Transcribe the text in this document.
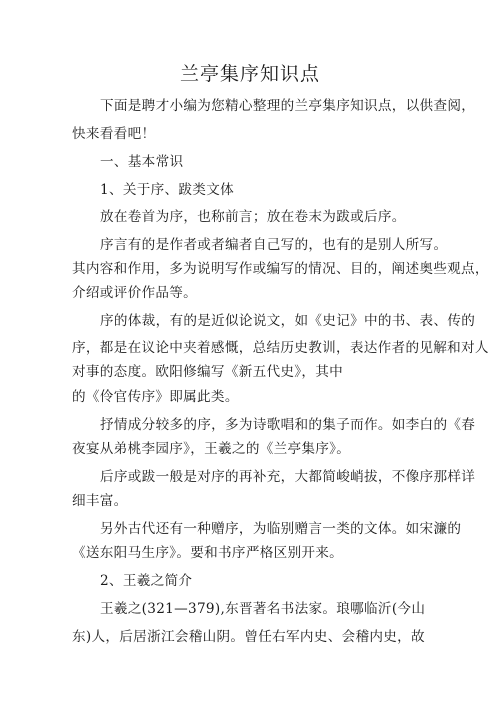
兰亭集序知识点
下面是聘才小编为您精心整理的兰亭集序知识点，以供查阅，
快来看看吧！
一、基本常识
1、关于序、跋类文体
放在卷首为序，也称前言；放在卷末为跋或后序。
序言有的是作者或者编者自己写的，也有的是别人所写。
其内容和作用，多为说明写作或编写的情况、目的，阐述奥些观点，
介绍或评价作品等。
序的体裁，有的是近似论说文，如《史记》中的书、表、传的
序，都是在议论中夹着感慨，总结历史教训，表达作者的见解和对人
对事的态度。欧阳修编写《新五代史》，其中
的《伶官传序》即属此类。
抒情成分较多的序，多为诗歌唱和的集子而作。如李白的《春
夜宴从弟桃李园序》，王羲之的《兰亭集序》。
后序或跋一般是对序的再补充，大都简峻峭拔，不像序那样详
细丰富。
另外古代还有一种赠序，为临别赠言一类的文体。如宋濂的
《送东阳马生序》。要和书序严格区别开来。
2、王羲之简介
王羲之(321—379),东晋著名书法家。琅哪临沂(今山
东)人，后居浙江会稽山阴。曾任右军内史、会稽内史，故
